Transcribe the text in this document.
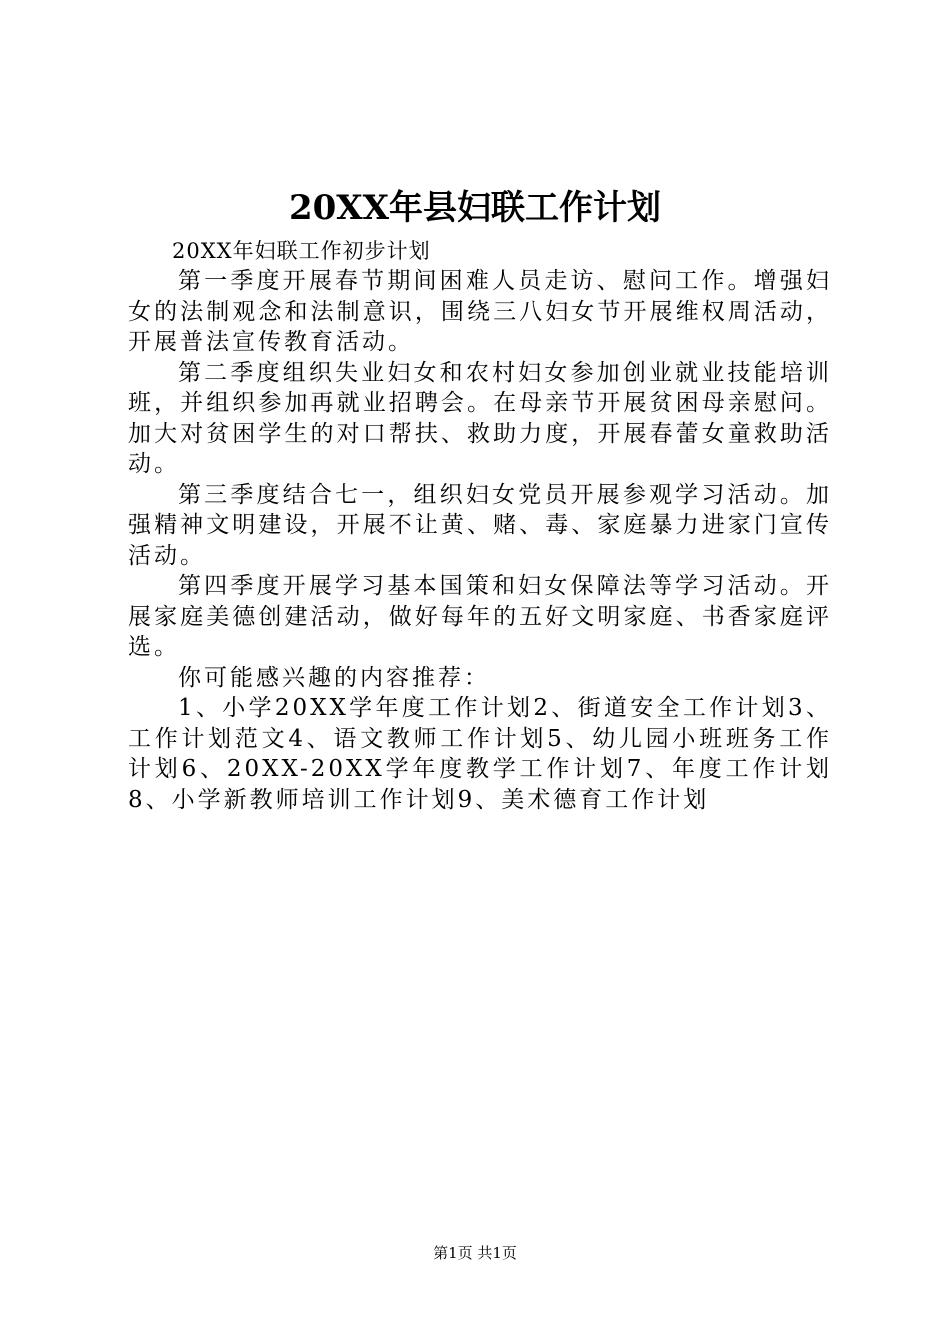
20XX年县妇联工作计划

20XX年妇联工作初步计划

第一季度开展春节期间困难人员走访、慰问工作。增强妇女的法制观念和法制意识，围绕三八妇女节开展维权周活动，开展普法宣传教育活动。

第二季度组织失业妇女和农村妇女参加创业就业技能培训班，并组织参加再就业招聘会。在母亲节开展贫困母亲慰问。加大对贫困学生的对口帮扶、救助力度，开展春蕾女童救助活动。

第三季度结合七一，组织妇女党员开展参观学习活动。加强精神文明建设，开展不让黄、赌、毒、家庭暴力进家门宣传活动。

第四季度开展学习基本国策和妇女保障法等学习活动。开展家庭美德创建活动，做好每年的五好文明家庭、书香家庭评选。

你可能感兴趣的内容推荐：

1、小学20XX学年度工作计划2、街道安全工作计划3、工作计划范文4、语文教师工作计划5、幼儿园小班班务工作计划6、20XX-20XX学年度教学工作计划7、年度工作计划8、小学新教师培训工作计划9、美术德育工作计划

第1页 共1页
